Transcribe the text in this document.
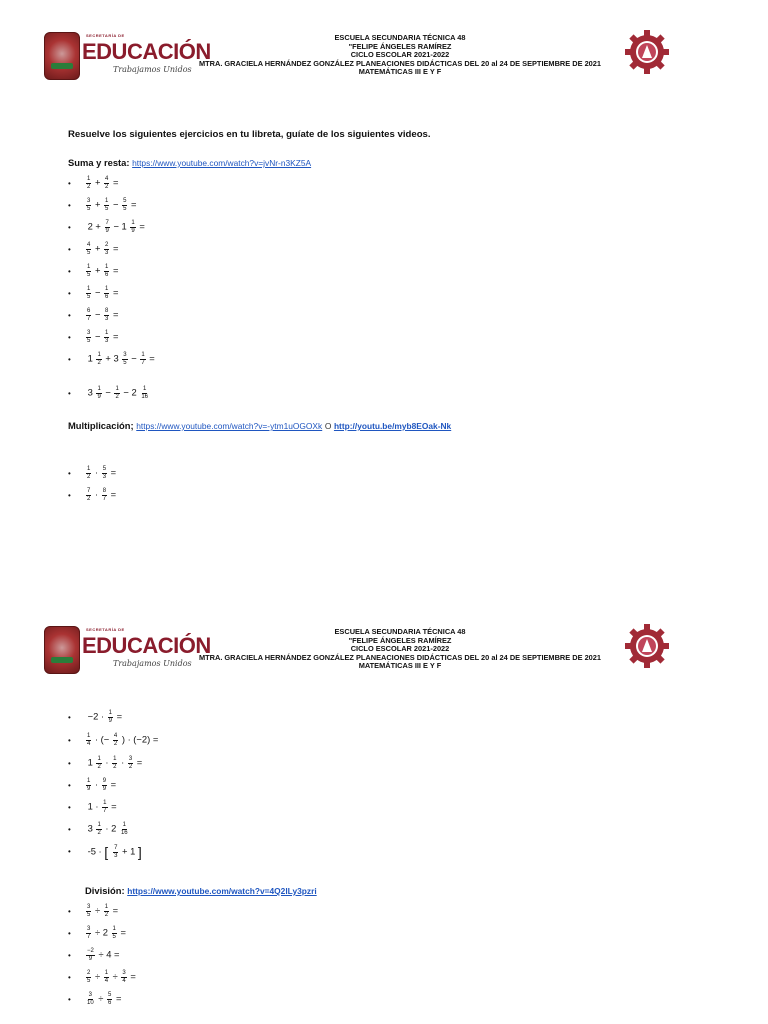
SECRETARÍA DE
EDUCACIÓN
Trabajamos Unidos
ESCUELA SECUNDARIA TÉCNICA 48
"FELIPE ÁNGELES RAMÍREZ
CICLO ESCOLAR 2021-2022
MTRA. GRACIELA HERNÁNDEZ GONZÁLEZ PLANEACIONES DIDÁCTICAS DEL 20 al 24 DE SEPTIEMBRE DE 2021
MATEMÁTICAS III E Y F
Resuelve los siguientes ejercicios en tu libreta, guíate de los siguientes videos.
Suma y resta: https://www.youtube.com/watch?v=jvNr-n3KZ5A
•	$\frac{1}{2} + \frac{4}{2}$ =
•	$\frac{3}{5} + \frac{1}{5} - \frac{5}{5}$ =
• $2 + \frac{7}{9} - 1 \frac{1}{9}$ =
•	$\frac{4}{5} + \frac{2}{3}$ =
•	$\frac{1}{5} + \frac{1}{6}$ =
•	$\frac{1}{5} - \frac{1}{6}$ =
•	$\frac{6}{7} - \frac{8}{3}$ =
•	$\frac{3}{5} - \frac{1}{3}$ =
• $1 \frac{1}{2} + 3 \frac{3}{5} - \frac{1}{7}$ =
• $3 \frac{1}{9} - \frac{1}{2} - 2 \frac{1}{16}$
Multiplicación; https://www.youtube.com/watch?v=-ytm1uOGOXk O http://youtu.be/myb8EOak-Nk
•	$\frac{1}{2} \cdot \frac{5}{3}$ =
•	$\frac{7}{2} \cdot \frac{8}{7}$ =
SECRETARÍA DE
EDUCACIÓN
Trabajamos Unidos
ESCUELA SECUNDARIA TÉCNICA 48
"FELIPE ÁNGELES RAMÍREZ
CICLO ESCOLAR 2021-2022
MTRA. GRACIELA HERNÁNDEZ GONZÁLEZ PLANEACIONES DIDÁCTICAS DEL 20 al 24 DE SEPTIEMBRE DE 2021
MATEMÁTICAS III E Y F
• $-2 \cdot \frac{1}{9}$ =
•	$\frac{1}{4}$ · (− $\frac{4}{2}$ ) · (−2) =
• $1 \frac{1}{2} \cdot \frac{1}{2} \cdot \frac{3}{2}$ =
•	$\frac{1}{9} \cdot \frac{9}{9}$ =
• $1 \cdot \frac{1}{7}$ =
• $3 \frac{1}{2} \cdot 2 \frac{1}{16}$
• -5 · [ $\frac{7}{3} + 1$ ]
División: https://www.youtube.com/watch?v=4Q2lLy3pzri
•	$\frac{3}{5} \div \frac{1}{2}$ =
•	$\frac{3}{7} \div 2 \frac{1}{5}$ =
•	$\frac{-2}{9} \div 4$ =
•	$\frac{2}{5} \div \frac{1}{4} \div \frac{3}{4}$ =
•	$\frac{3}{10} \div \frac{5}{6}$ =
